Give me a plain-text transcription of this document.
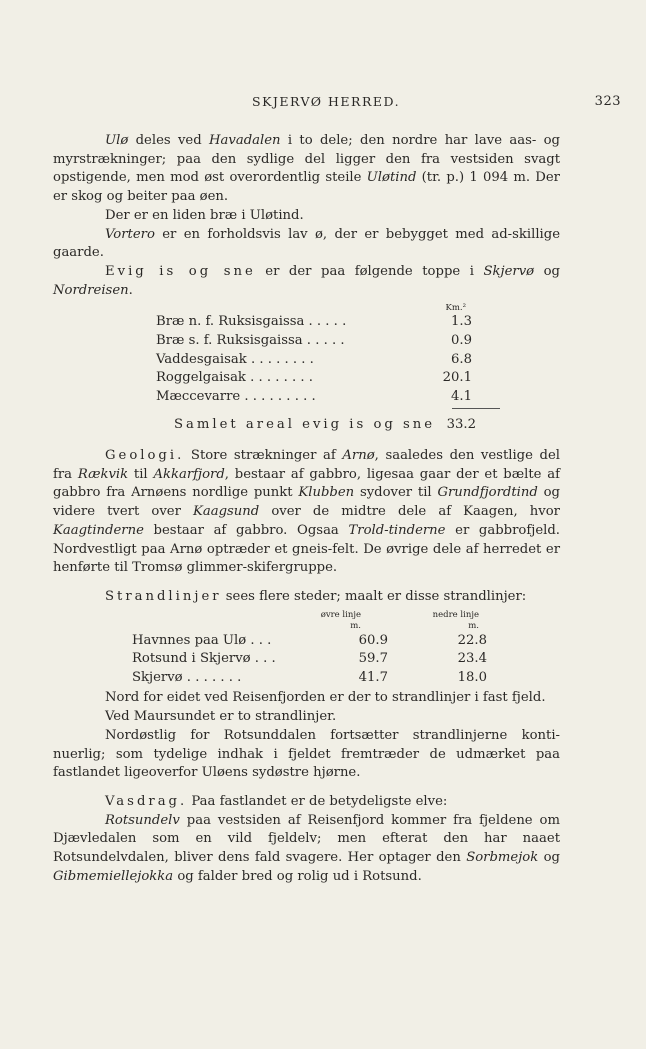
SKJERVØ HERRED.	323

Ulø deles ved Havadalen i to dele; den nordre har lave aas- og myrstrækninger; paa den sydlige del ligger den fra vestsiden svagt opstigende, men mod øst overordentlig steile Uløtind (tr. p.) 1 094 m. Der er skog og beiter paa øen.

Der er en liden bræ i Uløtind.

Vortero er en forholdsvis lav ø, der er bebygget med ad-skillige gaarde.

Evig is og sne er der paa følgende toppe i Skjervø og Nordreisen.

Km.²
Bræ n. f. Ruksisgaissa . . . . .	1.3
Bræ s. f. Ruksisgaissa . . . . .	0.9
Vaddesgaisak . . . . . . . .	6.8
Roggelgaisak . . . . . . . .	20.1
Mæccevarre . . . . . . . . .	4.1
Samlet areal evig is og sne 33.2

Geologi. Store strækninger af Arnø, saaledes den vestlige del fra Rækvik til Akkarfjord, bestaar af gabbro, ligesaa gaar der et bælte af gabbro fra Arnøens nordlige punkt Klubben sydover til Grundfjordtind og videre tvert over Kaagsund over de midtre dele af Kaagen, hvor Kaagtinderne bestaar af gabbro. Ogsaa Trold-tinderne er gabbrofjeld. Nordvestligt paa Arnø optræder et gneis-felt. De øvrige dele af herredet er henførte til Tromsø glimmer-skifergruppe.

Strandlinjer sees flere steder; maalt er disse strandlinjer:

øvre linje	nedre linje
m.	m.
Havnnes paa Ulø . . .	60.9	22.8
Rotsund i Skjervø . . .	59.7	23.4
Skjervø . . . . . . .	41.7	18.0

Nord for eidet ved Reisenfjorden er der to strandlinjer i fast fjeld.

Ved Maursundet er to strandlinjer.

Nordøstlig for Rotsunddalen fortsætter strandlinjerne konti-nuerlig; som tydelige indhak i fjeldet fremtræder de udmærket paa fastlandet ligeoverfor Uløens sydøstre hjørne.

Vasdrag. Paa fastlandet er de betydeligste elve:

Rotsundelv paa vestsiden af Reisenfjord kommer fra fjeldene om Djævledalen som en vild fjeldelv; men efterat den har naaet Rotsundelvdalen, bliver dens fald svagere. Her optager den Sorbmejok og Gibmemiellejokka og falder bred og rolig ud i Rotsund.
